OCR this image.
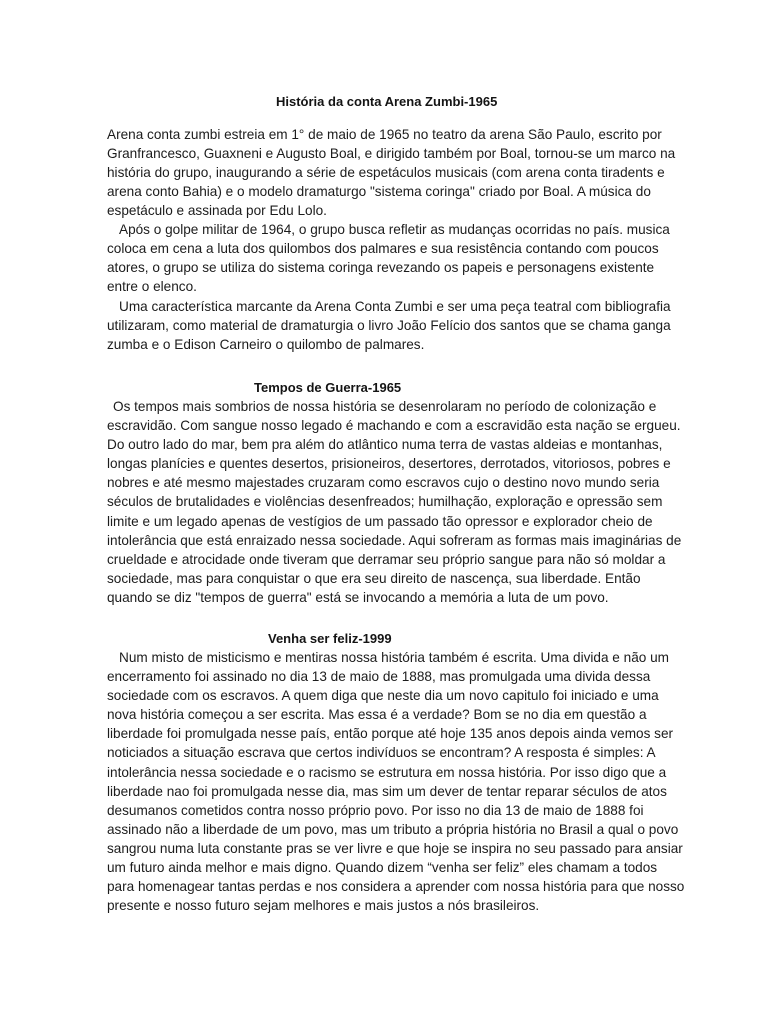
História da conta Arena Zumbi-1965
Arena conta zumbi estreia em 1° de maio de 1965 no teatro da arena São Paulo, escrito por
Granfrancesco, Guaxneni e Augusto Boal, e dirigido também por Boal, tornou-se um marco na
história do grupo, inaugurando a série de espetáculos musicais (com arena conta tiradents e
arena conto Bahia) e o modelo dramaturgo "sistema coringa" criado por Boal. A música do
espetáculo e assinada por Edu Lolo.
Após o golpe militar de 1964, o grupo busca refletir as mudanças ocorridas no país. musica
coloca em cena a luta dos quilombos dos palmares e sua resistência contando com poucos
atores, o grupo se utiliza do sistema coringa revezando os papeis e personagens existente
entre o elenco.
Uma característica marcante da Arena Conta Zumbi e ser uma peça teatral com bibliografia
utilizaram, como material de dramaturgia o livro João Felício dos santos que se chama ganga
zumba e o Edison Carneiro o quilombo de palmares.
Tempos de Guerra-1965
Os tempos mais sombrios de nossa história se desenrolaram no período de colonização e
escravidão. Com sangue nosso legado é machando e com a escravidão esta nação se ergueu.
Do outro lado do mar, bem pra além do atlântico numa terra de vastas aldeias e montanhas,
longas planícies e quentes desertos, prisioneiros, desertores, derrotados, vitoriosos, pobres e
nobres e até mesmo majestades cruzaram como escravos cujo o destino novo mundo seria
séculos de brutalidades e violências desenfreados; humilhação, exploração e opressão sem
limite e um legado apenas de vestígios de um passado tão opressor e explorador cheio de
intolerância que está enraizado nessa sociedade. Aqui sofreram as formas mais imaginárias de
crueldade e atrocidade onde tiveram que derramar seu próprio sangue para não só moldar a
sociedade, mas para conquistar o que era seu direito de nascença, sua liberdade. Então
quando se diz "tempos de guerra" está se invocando a memória a luta de um povo.
Venha ser feliz-1999
Num misto de misticismo e mentiras nossa história também é escrita. Uma divida e não um
encerramento foi assinado no dia 13 de maio de 1888, mas promulgada uma divida dessa
sociedade com os escravos. A quem diga que neste dia um novo capitulo foi iniciado e uma
nova história começou a ser escrita. Mas essa é a verdade? Bom se no dia em questão a
liberdade foi promulgada nesse país, então porque até hoje 135 anos depois ainda vemos ser
noticiados a situação escrava que certos indivíduos se encontram? A resposta é simples: A
intolerância nessa sociedade e o racismo se estrutura em nossa história. Por isso digo que a
liberdade nao foi promulgada nesse dia, mas sim um dever de tentar reparar séculos de atos
desumanos cometidos contra nosso próprio povo. Por isso no dia 13 de maio de 1888 foi
assinado não a liberdade de um povo, mas um tributo a própria história no Brasil a qual o povo
sangrou numa luta constante pras se ver livre e que hoje se inspira no seu passado para ansiar
um futuro ainda melhor e mais digno. Quando dizem “venha ser feliz” eles chamam a todos
para homenagear tantas perdas e nos considera a aprender com nossa história para que nosso
presente e nosso futuro sejam melhores e mais justos a nós brasileiros.
